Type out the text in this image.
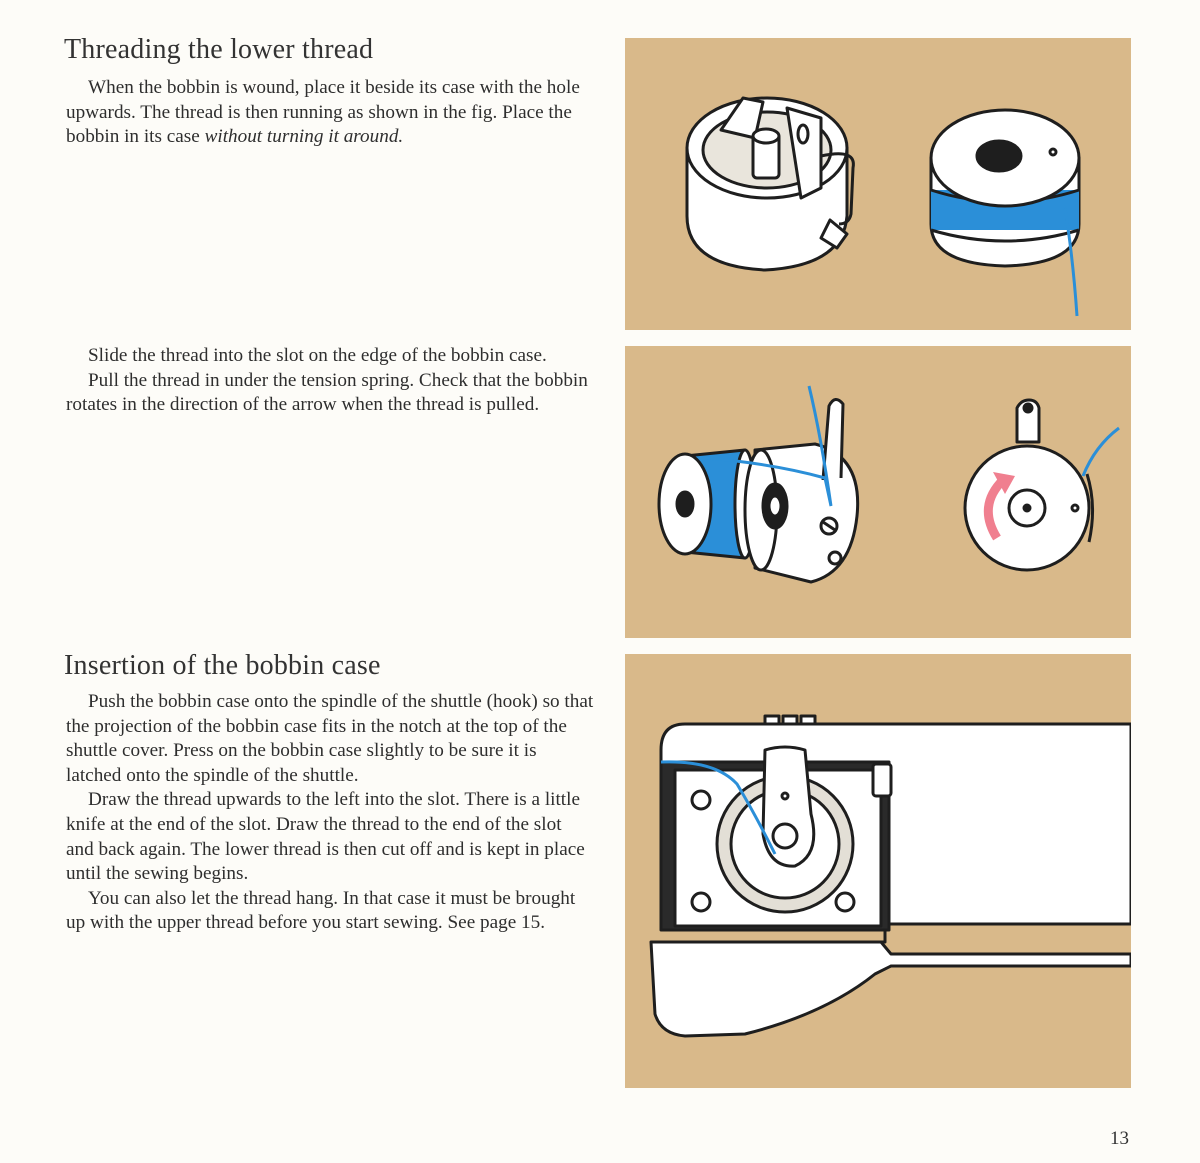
Threading the lower thread

When the bobbin is wound, place it beside its case with the hole upwards. The thread is then running as shown in the fig. Place the bobbin in its case without turning it around.

Slide the thread into the slot on the edge of the bobbin case.

Pull the thread in under the tension spring. Check that the bobbin rotates in the direction of the arrow when the thread is pulled.

Insertion of the bobbin case

Push the bobbin case onto the spindle of the shuttle (hook) so that the projection of the bobbin case fits in the notch at the top of the shuttle cover. Press on the bobbin case slightly to be sure it is latched onto the spindle of the shuttle.

Draw the thread upwards to the left into the slot. There is a little knife at the end of the slot. Draw the thread to the end of the slot and back again. The lower thread is then cut off and is kept in place until the sewing begins.

You can also let the thread hang. In that case it must be brought up with the upper thread before you start sewing. See page 15.

13
